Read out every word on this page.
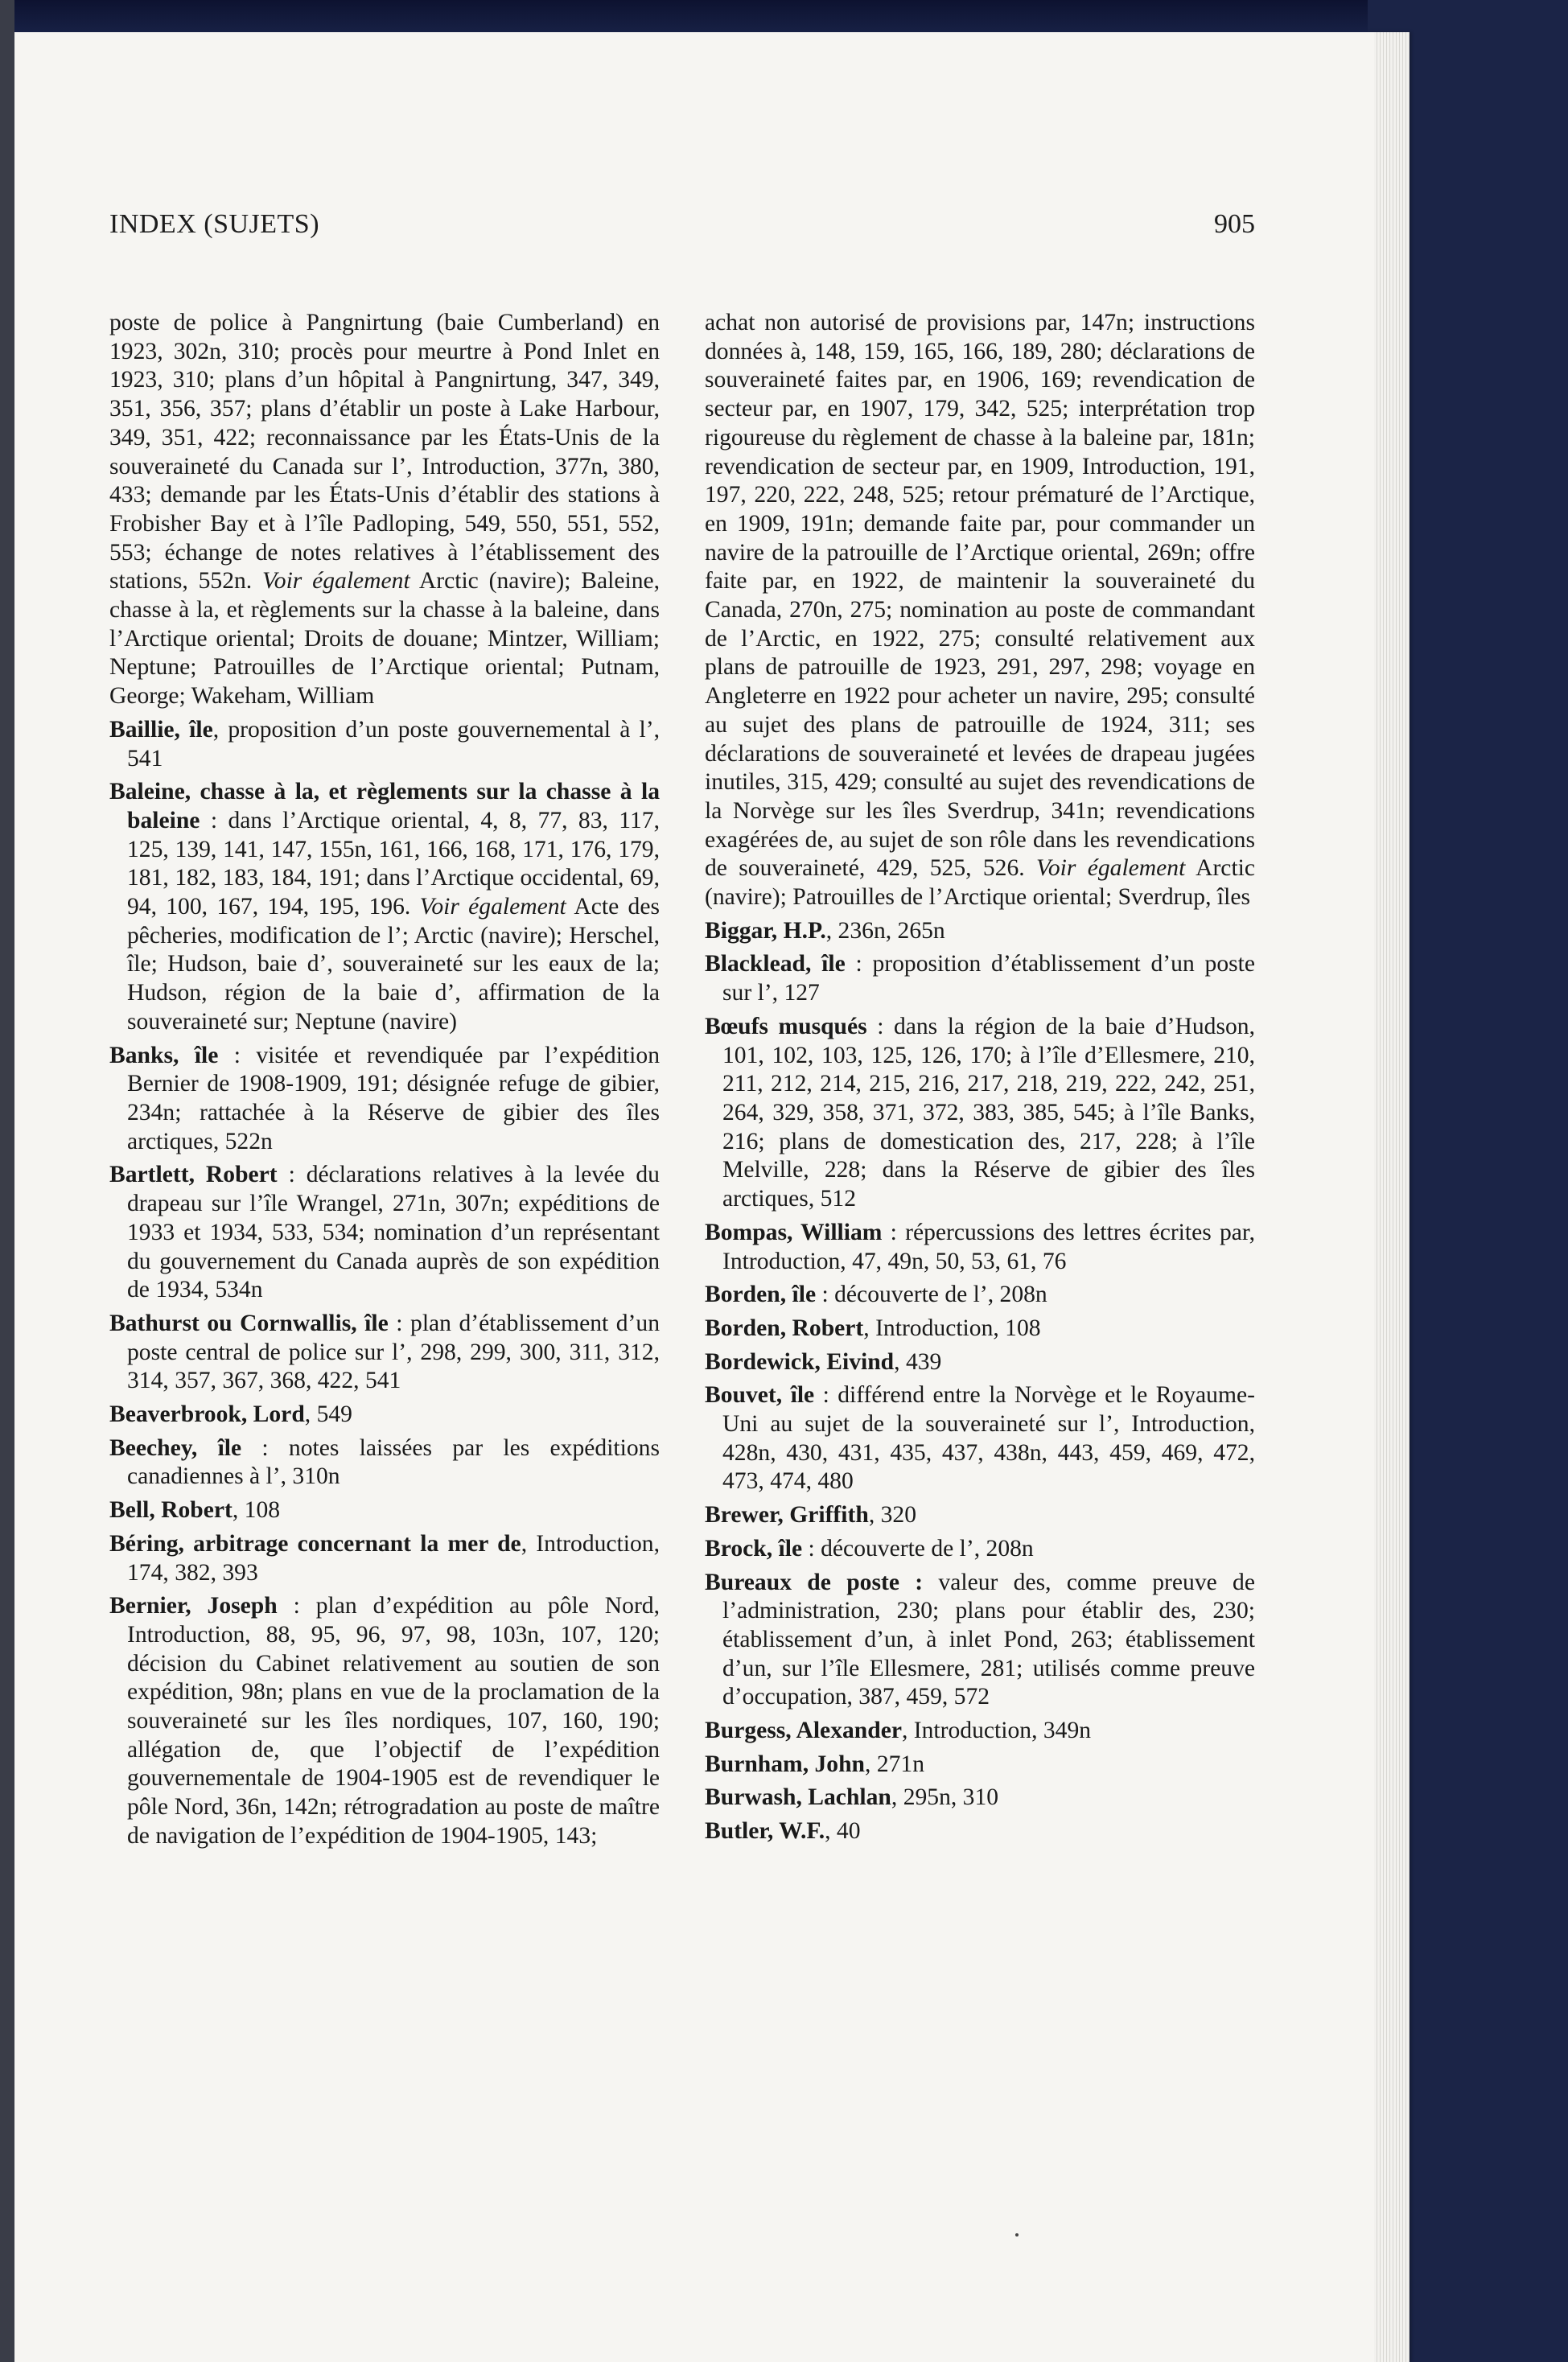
INDEX (SUJETS)	905

poste de police à Pangnirtung (baie Cumberland) en 1923, 302n, 310; procès pour meurtre à Pond Inlet en 1923, 310; plans d’un hôpital à Pangnirtung, 347, 349, 351, 356, 357; plans d’établir un poste à Lake Harbour, 349, 351, 422; reconnaissance par les États-Unis de la souveraineté du Canada sur l’, Introduction, 377n, 380, 433; demande par les États-Unis d’établir des stations à Frobisher Bay et à l’île Padloping, 549, 550, 551, 552, 553; échange de notes relatives à l’établissement des stations, 552n. Voir également Arctic (navire); Baleine, chasse à la, et règlements sur la chasse à la baleine, dans l’Arctique oriental; Droits de douane; Mintzer, William; Neptune; Patrouilles de l’Arctique oriental; Putnam, George; Wakeham, William

Baillie, île, proposition d’un poste gouvernemental à l’, 541

Baleine, chasse à la, et règlements sur la chasse à la baleine : dans l’Arctique oriental, 4, 8, 77, 83, 117, 125, 139, 141, 147, 155n, 161, 166, 168, 171, 176, 179, 181, 182, 183, 184, 191; dans l’Arctique occidental, 69, 94, 100, 167, 194, 195, 196. Voir également Acte des pêcheries, modification de l’; Arctic (navire); Herschel, île; Hudson, baie d’, souveraineté sur les eaux de la; Hudson, région de la baie d’, affirmation de la souveraineté sur; Neptune (navire)

Banks, île : visitée et revendiquée par l’expédition Bernier de 1908-1909, 191; désignée refuge de gibier, 234n; rattachée à la Réserve de gibier des îles arctiques, 522n

Bartlett, Robert : déclarations relatives à la levée du drapeau sur l’île Wrangel, 271n, 307n; expéditions de 1933 et 1934, 533, 534; nomination d’un représentant du gouvernement du Canada auprès de son expédition de 1934, 534n

Bathurst ou Cornwallis, île : plan d’établissement d’un poste central de police sur l’, 298, 299, 300, 311, 312, 314, 357, 367, 368, 422, 541

Beaverbrook, Lord, 549

Beechey, île : notes laissées par les expéditions canadiennes à l’, 310n

Bell, Robert, 108

Béring, arbitrage concernant la mer de, Introduction, 174, 382, 393

Bernier, Joseph : plan d’expédition au pôle Nord, Introduction, 88, 95, 96, 97, 98, 103n, 107, 120; décision du Cabinet relativement au soutien de son expédition, 98n; plans en vue de la proclamation de la souveraineté sur les îles nordiques, 107, 160, 190; allégation de, que l’objectif de l’expédition gouvernementale de 1904-1905 est de revendiquer le pôle Nord, 36n, 142n; rétrogradation au poste de maître de navigation de l’expédition de 1904-1905, 143;

achat non autorisé de provisions par, 147n; instructions données à, 148, 159, 165, 166, 189, 280; déclarations de souveraineté faites par, en 1906, 169; revendication de secteur par, en 1907, 179, 342, 525; interprétation trop rigoureuse du règlement de chasse à la baleine par, 181n; revendication de secteur par, en 1909, Introduction, 191, 197, 220, 222, 248, 525; retour prématuré de l’Arctique, en 1909, 191n; demande faite par, pour commander un navire de la patrouille de l’Arctique oriental, 269n; offre faite par, en 1922, de maintenir la souveraineté du Canada, 270n, 275; nomination au poste de commandant de l’Arctic, en 1922, 275; consulté relativement aux plans de patrouille de 1923, 291, 297, 298; voyage en Angleterre en 1922 pour acheter un navire, 295; consulté au sujet des plans de patrouille de 1924, 311; ses déclarations de souveraineté et levées de drapeau jugées inutiles, 315, 429; consulté au sujet des revendications de la Norvège sur les îles Sverdrup, 341n; revendications exagérées de, au sujet de son rôle dans les revendications de souveraineté, 429, 525, 526. Voir également Arctic (navire); Patrouilles de l’Arctique oriental; Sverdrup, îles

Biggar, H.P., 236n, 265n

Blacklead, île : proposition d’établissement d’un poste sur l’, 127

Bœufs musqués : dans la région de la baie d’Hudson, 101, 102, 103, 125, 126, 170; à l’île d’Ellesmere, 210, 211, 212, 214, 215, 216, 217, 218, 219, 222, 242, 251, 264, 329, 358, 371, 372, 383, 385, 545; à l’île Banks, 216; plans de domestication des, 217, 228; à l’île Melville, 228; dans la Réserve de gibier des îles arctiques, 512

Bompas, William : répercussions des lettres écrites par, Introduction, 47, 49n, 50, 53, 61, 76

Borden, île : découverte de l’, 208n

Borden, Robert, Introduction, 108

Bordewick, Eivind, 439

Bouvet, île : différend entre la Norvège et le Royaume-Uni au sujet de la souveraineté sur l’, Introduction, 428n, 430, 431, 435, 437, 438n, 443, 459, 469, 472, 473, 474, 480

Brewer, Griffith, 320

Brock, île : découverte de l’, 208n

Bureaux de poste : valeur des, comme preuve de l’administration, 230; plans pour établir des, 230; établissement d’un, à inlet Pond, 263; établissement d’un, sur l’île Ellesmere, 281; utilisés comme preuve d’occupation, 387, 459, 572

Burgess, Alexander, Introduction, 349n

Burnham, John, 271n

Burwash, Lachlan, 295n, 310

Butler, W.F., 40
